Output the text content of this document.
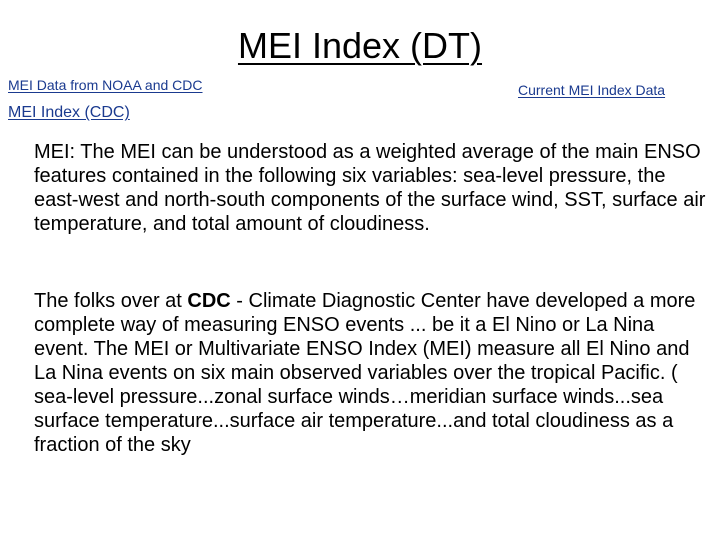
MEI Index (DT)
MEI Data from NOAA and CDC
MEI Index (CDC)
Current MEI Index Data
MEI: The MEI can be understood as a weighted average of the main ENSO features contained in the following six variables: sea-level pressure, the east-west and north-south components of the surface wind, SST, surface air temperature, and total amount of cloudiness.
The folks over at CDC - Climate Diagnostic Center have developed a more complete way of measuring ENSO events ... be it a El Nino or La Nina event. The MEI or Multivariate ENSO Index (MEI) measure all El Nino and La Nina events on six main observed variables over the tropical Pacific. ( sea-level pressure...zonal surface winds…meridian surface winds...sea surface temperature...surface air temperature...and total cloudiness as a fraction of the sky
